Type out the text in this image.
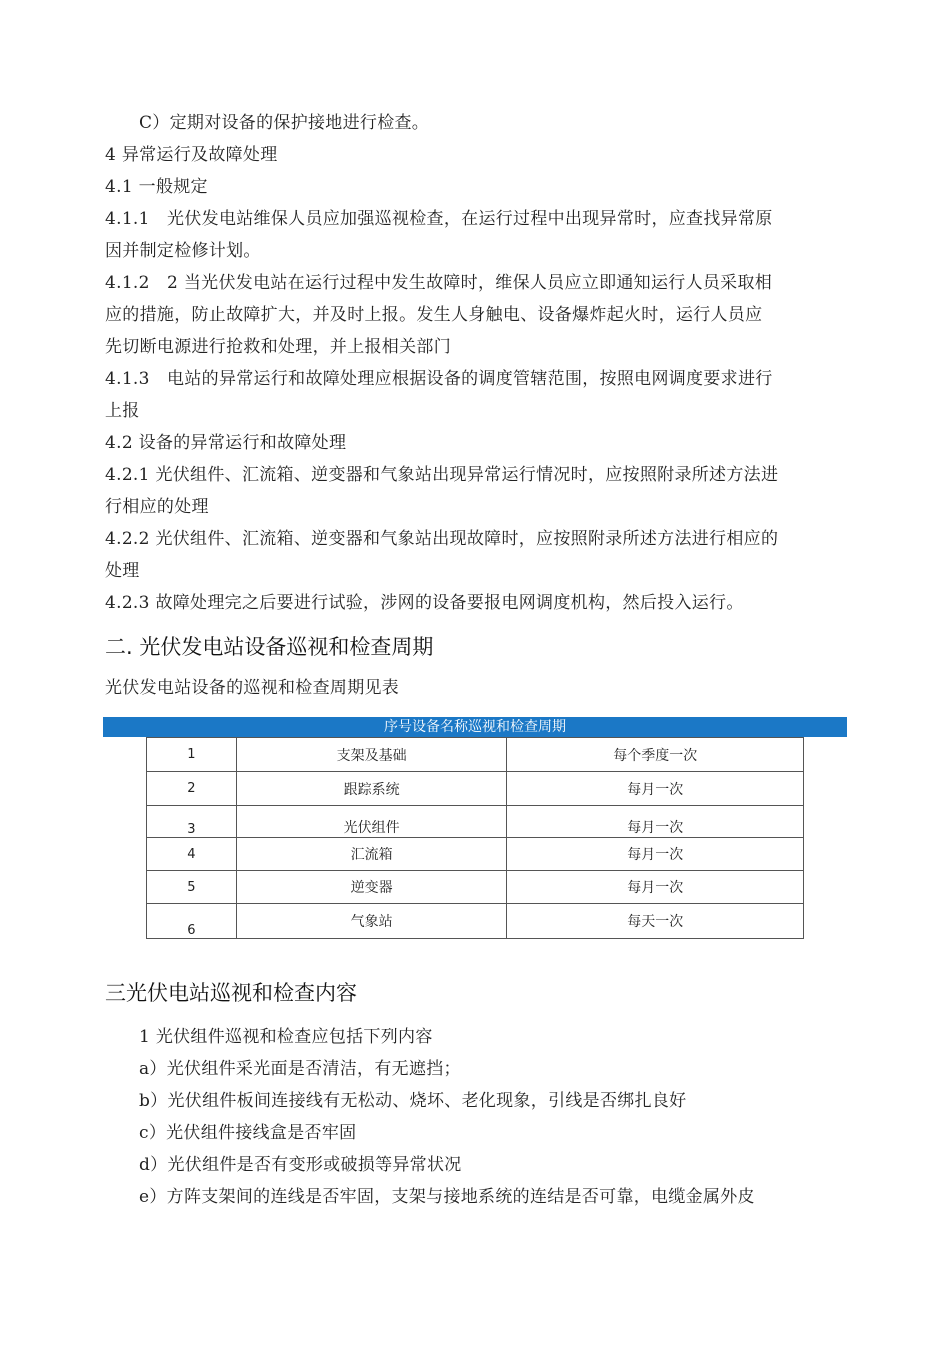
C）定期对设备的保护接地进行检查。
4 异常运行及故障处理
4.1 一般规定
4.1.1　光伏发电站维保人员应加强巡视检查，在运行过程中出现异常时，应查找异常原
因并制定检修计划。
4.1.2　2 当光伏发电站在运行过程中发生故障时，维保人员应立即通知运行人员采取相
应的措施，防止故障扩大，并及时上报。发生人身触电、设备爆炸起火时，运行人员应
先切断电源进行抢救和处理，并上报相关部门
4.1.3　电站的异常运行和故障处理应根据设备的调度管辖范围，按照电网调度要求进行
上报
4.2 设备的异常运行和故障处理
4.2.1 光伏组件、汇流箱、逆变器和气象站出现异常运行情况时，应按照附录所述方法进
行相应的处理
4.2.2 光伏组件、汇流箱、逆变器和气象站出现故障时，应按照附录所述方法进行相应的
处理
4.2.3 故障处理完之后要进行试验，涉网的设备要报电网调度机构，然后投入运行。
二. 光伏发电站设备巡视和检查周期
光伏发电站设备的巡视和检查周期见表
序号设备名称巡视和检查周期
1	支架及基础	每个季度一次
2	跟踪系统	每月一次
3	光伏组件	每月一次
4	汇流箱	每月一次
5	逆变器	每月一次
6	气象站	每天一次
三光伏电站巡视和检查内容
1 光伏组件巡视和检查应包括下列内容
a）光伏组件采光面是否清洁，有无遮挡；
b）光伏组件板间连接线有无松动、烧坏、老化现象，引线是否绑扎良好
c）光伏组件接线盒是否牢固
d）光伏组件是否有变形或破损等异常状况
e）方阵支架间的连线是否牢固，支架与接地系统的连结是否可靠，电缆金属外皮
